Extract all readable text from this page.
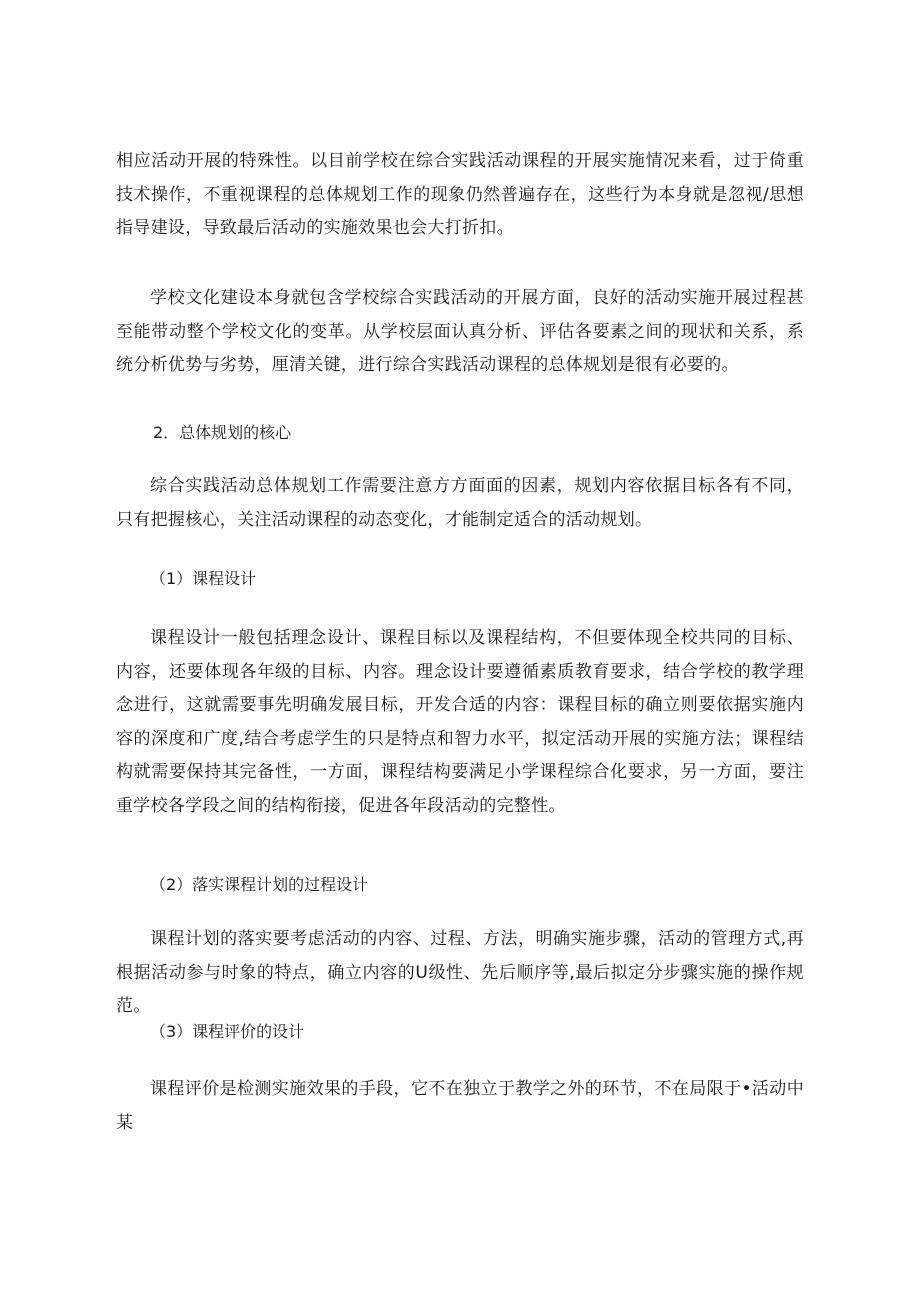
相应活动开展的特殊性。以目前学校在综合实践活动课程的开展实施情况来看，过于倚重技术操作，不重视课程的总体规划工作的现象仍然普遍存在，这些行为本身就是忽视/思想指导建设，导致最后活动的实施效果也会大打折扣。

学校文化建设本身就包含学校综合实践活动的开展方面，良好的活动实施开展过程甚至能带动整个学校文化的变革。从学校层面认真分析、评估各要素之间的现状和关系，系统分析优势与劣势，厘清关键，进行综合实践活动课程的总体规划是很有必要的。

2．总体规划的核心

综合实践活动总体规划工作需要注意方方面面的因素，规划内容依据目标各有不同，只有把握核心，关注活动课程的动态变化，才能制定适合的活动规划。

（1）课程设计

课程设计一般包括理念设计、课程目标以及课程结构，不但要体现全校共同的目标、内容，还要体现各年级的目标、内容。理念设计要遵循素质教育要求，结合学校的教学理念进行，这就需要事先明确发展目标，开发合适的内容：课程目标的确立则要依据实施内容的深度和广度,结合考虑学生的只是特点和智力水平，拟定活动开展的实施方法；课程结构就需要保持其完备性，一方面，课程结构要满足小学课程综合化要求，另一方面，要注重学校各学段之间的结构衔接，促进各年段活动的完整性。

（2）落实课程计划的过程设计

课程计划的落实要考虑活动的内容、过程、方法，明确实施步骤，活动的管理方式,再根据活动参与时象的特点，确立内容的U级性、先后顺序等,最后拟定分步骤实施的操作规范。

（3）课程评价的设计

课程评价是检测实施效果的手段，它不在独立于教学之外的环节，不在局限于•活动中某
